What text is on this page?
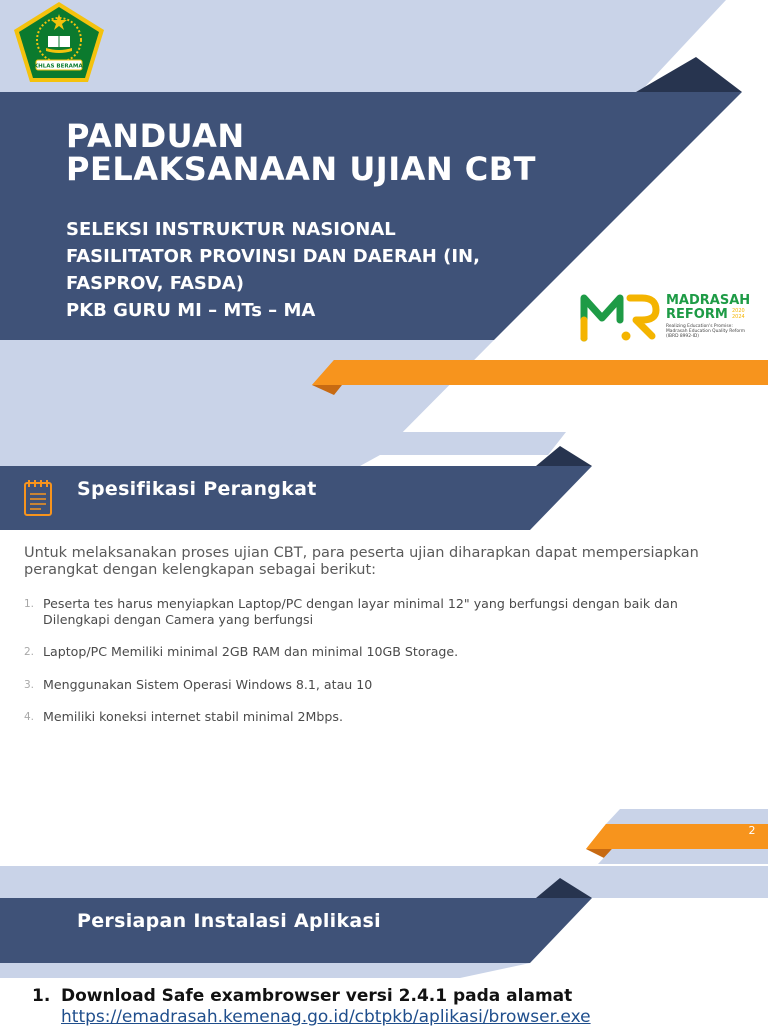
IKHLAS BERAMAL
PANDUAN
PELAKSANAAN UJIAN CBT
SELEKSI INSTRUKTUR NASIONAL
FASILITATOR PROVINSI DAN DAERAH (IN,
FASPROV, FASDA)
PKB GURU MI – MTs – MA	MADRASAH
REFORM 2020
2024
Realizing Education's Promise:
Madrasah Education Quality Reform
(IBRD 8992-ID)
Spesifikasi Perangkat

Untuk melaksanakan proses ujian CBT, para peserta ujian diharapkan dapat mempersiapkan perangkat dengan kelengkapan sebagai berikut:

1. Peserta tes harus menyiapkan Laptop/PC dengan layar minimal 12" yang berfungsi dengan baik dan Dilengkapi dengan Camera yang berfungsi
2. Laptop/PC Memiliki minimal 2GB RAM dan minimal 10GB Storage.
3. Menggunakan Sistem Operasi Windows 8.1, atau 10
4. Memiliki koneksi internet stabil minimal 2Mbps.
2
Persiapan Instalasi Aplikasi
1. Download Safe exambrowser versi 2.4.1 pada alamat
https://emadrasah.kemenag.go.id/cbtpkb/aplikasi/browser.exe
